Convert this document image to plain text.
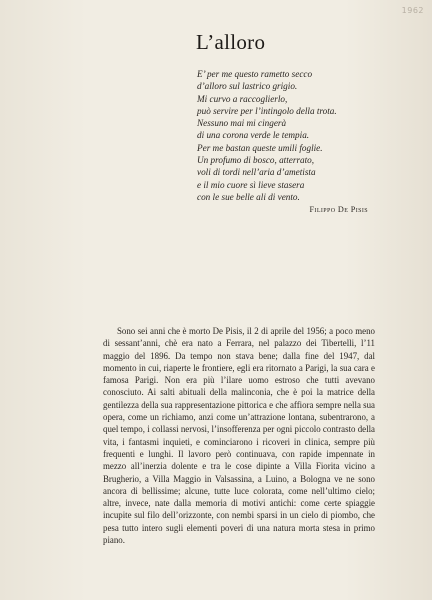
1962
L’alloro
E’ per me questo rametto secco
d’alloro sul lastrico grigio.
Mi curvo a raccoglierlo,
può servire per l’intingolo della trota.
Nessuno mai mi cingerà
di una corona verde le tempia.
Per me bastan queste umili foglie.
Un profumo di bosco, atterrato,
voli di tordi nell’aria d’ametista
e il mio cuore sì lieve stasera
con le sue belle ali di vento.
Filippo De Pisis

Sono sei anni che è morto De Pisis, il 2 di aprile del 1956; a poco meno di sessant’anni, chè era nato a Ferrara, nel palazzo dei Tibertelli, l’11 maggio del 1896. Da tempo non stava bene; dalla fine del 1947, dal momento in cui, riaperte le frontiere, egli era ritornato a Parigi, la sua cara e famosa Parigi. Non era più l’ilare uomo estroso che tutti avevano conosciuto. Ai salti abituali della malinconia, che è poi la matrice della gentilezza della sua rappresentazione pittorica e che affiora sempre nella sua opera, come un richiamo, anzi come un’attrazione lontana, subentrarono, a quel tempo, i collassi nervosi, l’insofferenza per ogni piccolo contrasto della vita, i fantasmi inquieti, e cominciarono i ricoveri in clinica, sempre più frequenti e lunghi. Il lavoro però continuava, con rapide impennate in mezzo all’inerzia dolente e tra le cose dipinte a Villa Fiorita vicino a Brugherio, a Villa Maggio in Valsassina, a Luino, a Bologna ve ne sono ancora di bellissime; alcune, tutte luce colorata, come nell’ultimo cielo; altre, invece, nate dalla memoria di motivi antichi: come certe spiaggie incupite sul filo dell’orizzonte, con nembi sparsi in un cielo di piombo, che pesa tutto intero sugli elementi poveri di una natura morta stesa in primo piano.
